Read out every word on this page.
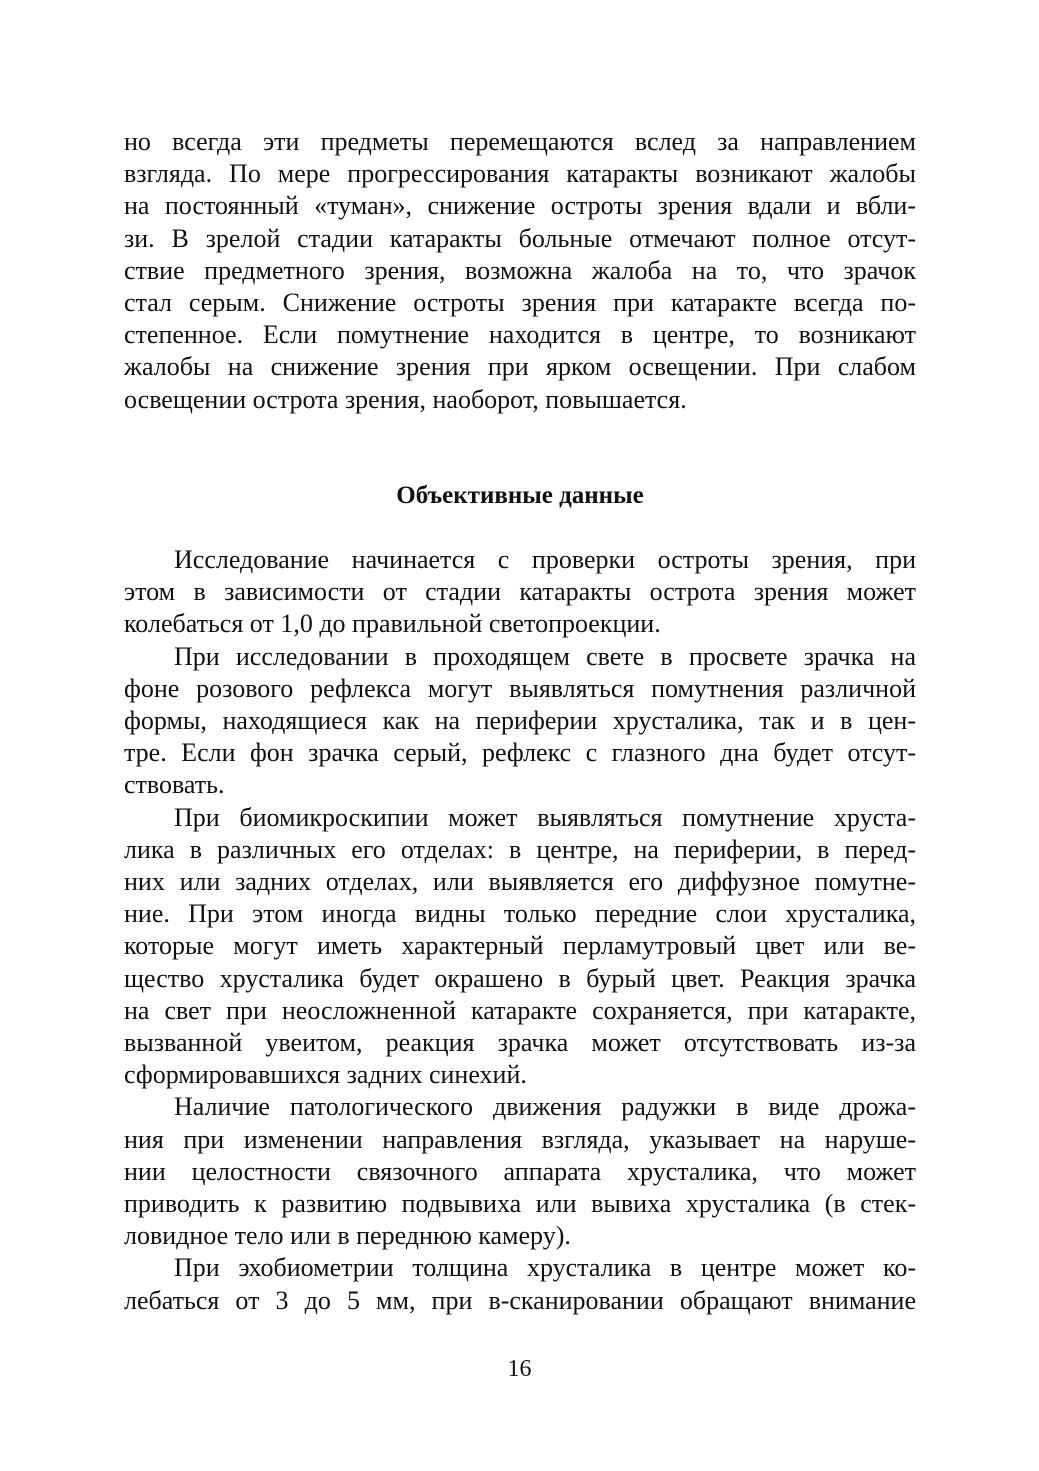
но всегда эти предметы перемещаются вслед за направлением
взгляда. По мере прогрессирования катаракты возникают жалобы
на постоянный «туман», снижение остроты зрения вдали и вбли-
зи. В зрелой стадии катаракты больные отмечают полное отсут-
ствие предметного зрения, возможна жалоба на то, что зрачок
стал серым. Снижение остроты зрения при катаракте всегда по-
степенное. Если помутнение находится в центре, то возникают
жалобы на снижение зрения при ярком освещении. При слабом
освещении острота зрения, наоборот, повышается.
Объективные данные
Исследование начинается с проверки остроты зрения, при
этом в зависимости от стадии катаракты острота зрения может
колебаться от 1,0 до правильной светопроекции.
При исследовании в проходящем свете в просвете зрачка на
фоне розового рефлекса могут выявляться помутнения различной
формы, находящиеся как на периферии хрусталика, так и в цен-
тре. Если фон зрачка серый, рефлекс с глазного дна будет отсут-
ствовать.
При биомикроскипии может выявляться помутнение хруста-
лика в различных его отделах: в центре, на периферии, в перед-
них или задних отделах, или выявляется его диффузное помутне-
ние. При этом иногда видны только передние слои хрусталика,
которые могут иметь характерный перламутровый цвет или ве-
щество хрусталика будет окрашено в бурый цвет. Реакция зрачка
на свет при неосложненной катаракте сохраняется, при катаракте,
вызванной увеитом, реакция зрачка может отсутствовать из-за
сформировавшихся задних синехий.
Наличие патологического движения радужки в виде дрожа-
ния при изменении направления взгляда, указывает на наруше-
нии целостности связочного аппарата хрусталика, что может
приводить к развитию подвывиха или вывиха хрусталика (в стек-
ловидное тело или в переднюю камеру).
При эхобиометрии толщина хрусталика в центре может ко-
лебаться от 3 до 5 мм, при в-сканировании обращают внимание
16
